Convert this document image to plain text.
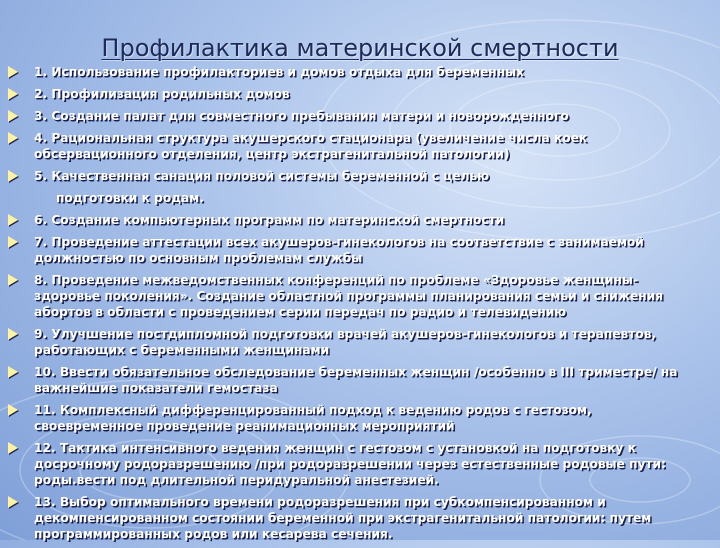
Профилактика материнской смертности
1. Использование профилакториев и домов отдыха для беременных
2. Профилизация родильных домов
3. Создание палат для совместного пребывания матери и новорожденного
4. Рациональная структура акушерского стационара (увеличение числа коек обсервационного отделения, центр экстрагенитальной патологии)
5. Качественная санация половой системы беременной с целью
подготовки к родам.
6. Создание компьютерных программ по материнской смертности
7. Проведение аттестации всех акушеров-гинекологов на соответствие с занимаемой должностью по основным проблемам службы
8. Проведение межведомственных конференций по проблеме «Здоровье женщины- здоровье поколения». Создание областной программы планирования семьи и снижения абортов в области с проведением серии передач по радио и телевидению
9. Улучшение постдипломной подготовки врачей акушеров-гинекологов и терапевтов, работающих с беременными женщинами
10. Ввести обязательное обследование беременных женщин /особенно в III триместре/ на важнейшие показатели гемостаза
11. Комплексный дифференцированный подход к ведению родов с гестозом, своевременное проведение реанимационных мероприятий
12. Тактика интенсивного ведения женщин с гестозом с установкой на подготовку к досрочному родоразрешению /при родоразрешении через естественные родовые пути: роды.вести под длительной перидуральной анестезией.
13. Выбор оптимального времени родоразрешения при субкомпенсированном и декомпенсированном состоянии беременной при экстрагенитальной патологии: путем программированных родов или кесарева сечения.
